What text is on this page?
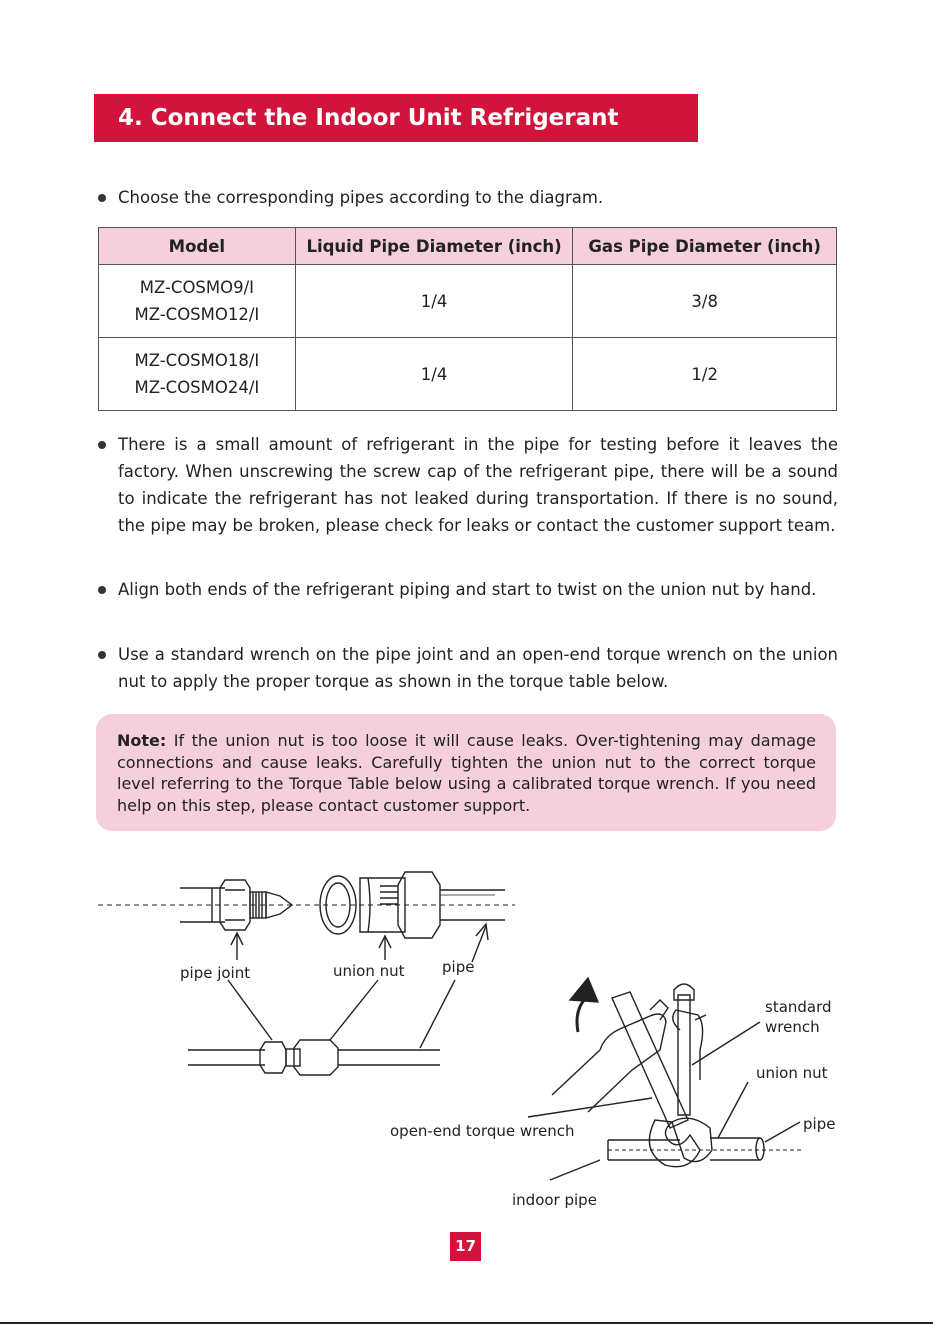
4. Connect the Indoor Unit Refrigerant Piping
Choose the corresponding pipes according to the diagram.
Model	Liquid Pipe Diameter (inch)	Gas Pipe Diameter (inch)

MZ-COSMO9/I
MZ-COSMO12/I	1/4	3/8

MZ-COSMO18/I
MZ-COSMO24/I	1/4	1/2
There is a small amount of refrigerant in the pipe for testing before it leaves the factory. When unscrewing the screw cap of the refrigerant pipe, there will be a sound to indicate the refrigerant has not leaked during transportation. If there is no sound, the pipe may be broken, please check for leaks or contact the customer support team.
Align both ends of the refrigerant piping and start to twist on the union nut by hand.
Use a standard wrench on the pipe joint and an open-end torque wrench on the union nut to apply the proper torque as shown in the torque table below.
Note: If the union nut is too loose it will cause leaks. Over-tightening may damage connections and cause leaks. Carefully tighten the union nut to the correct torque level referring to the Torque Table below using a calibrated torque wrench. If you need help on this step, please contact customer support.
pipe joint	union nut pipe
standard
wrench
union nut
pipe
open-end torque wrench
indoor pipe
17
